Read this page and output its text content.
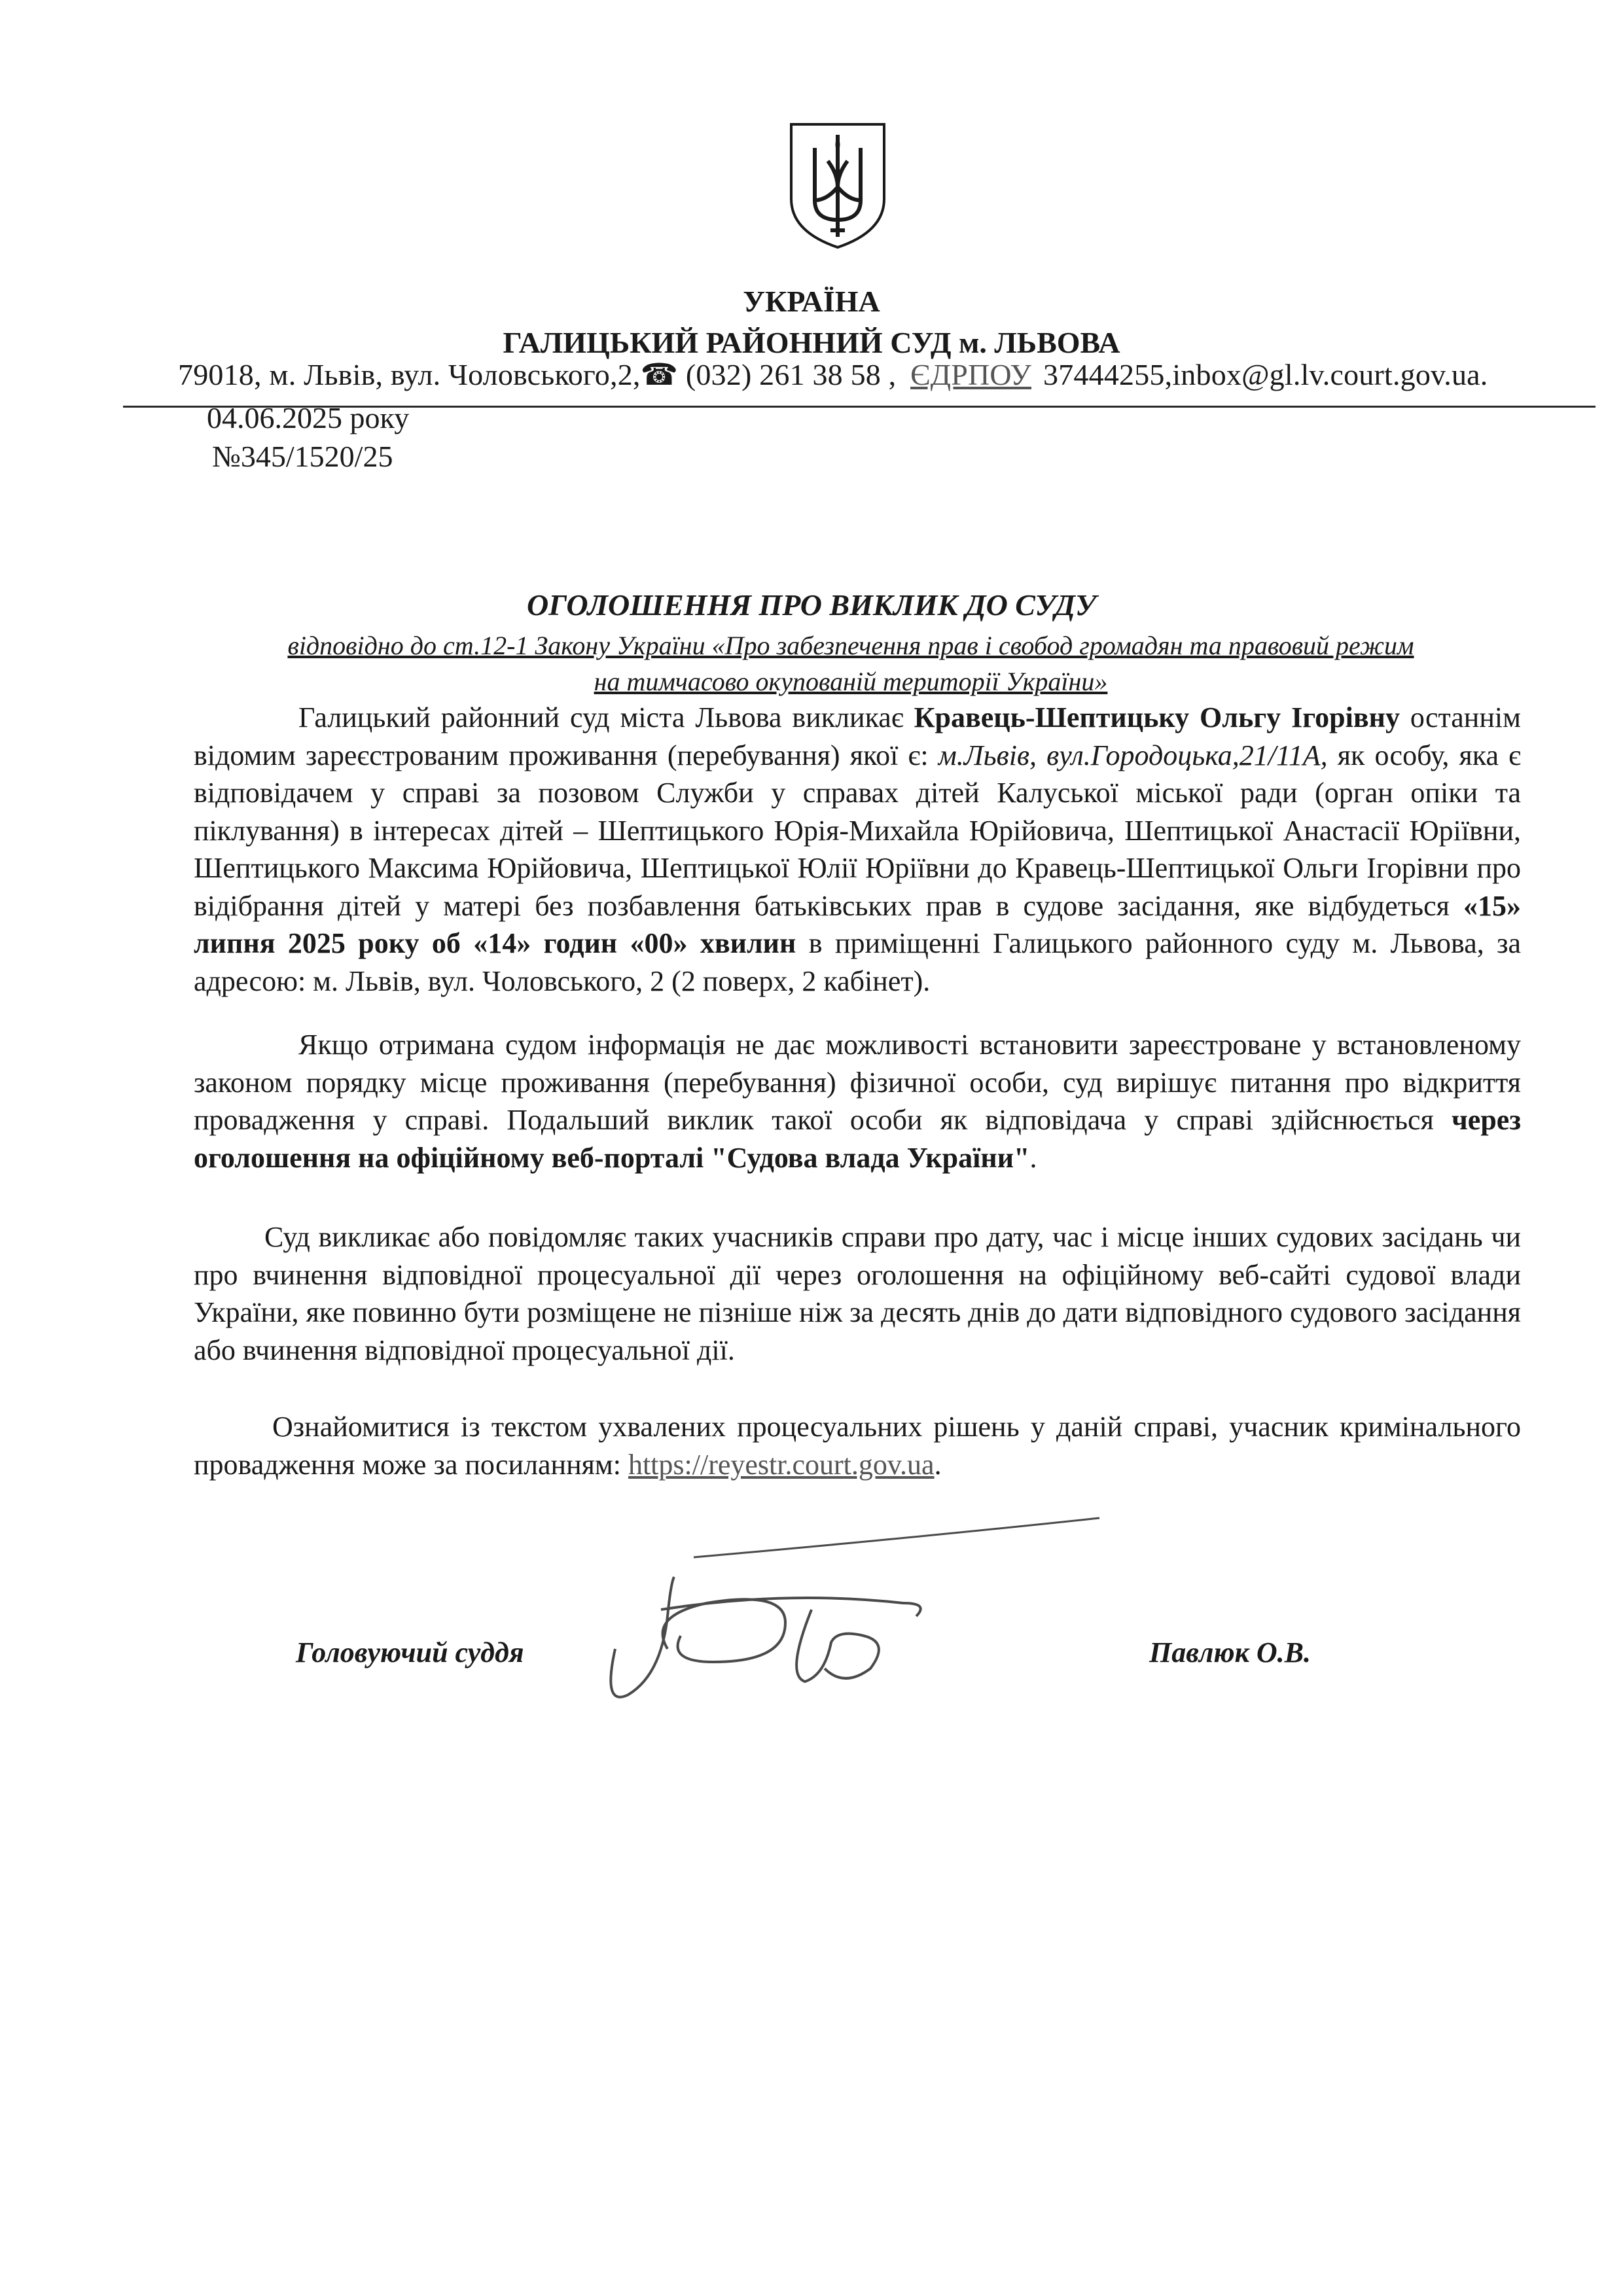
УКРАЇНА
ГАЛИЦЬКИЙ РАЙОННИЙ СУД м. ЛЬВОВА
79018, м. Львів, вул. Чоловського,2,☎ (032) 261 38 58 , ЄДРПОУ 37444255,inbox@gl.lv.court.gov.ua.
04.06.2025 року
№345/1520/25
ОГОЛОШЕННЯ ПРО ВИКЛИК ДО СУДУ
відповідно до ст.12-1 Закону України «Про забезпечення прав і свобод громадян та правовий режим
на тимчасово окупованій території України»
Галицький районний суд міста Львова викликає Кравець-Шептицьку Ольгу Ігорівну останнім відомим зареєстрованим проживання (перебування) якої є: м.Львів, вул.Городоцька,21/11А, як особу, яка є відповідачем у справі за позовом Служби у справах дітей Калуської міської ради (орган опіки та піклування) в інтересах дітей – Шептицького Юрія-Михайла Юрійовича, Шептицької Анастасії Юріївни, Шептицького Максима Юрійовича, Шептицької Юлії Юріївни до Кравець-Шептицької Ольги Ігорівни про відібрання дітей у матері без позбавлення батьківських прав в судове засідання, яке відбудеться «15» липня 2025 року об «14» годин «00» хвилин в приміщенні Галицького районного суду м. Львова, за адресою: м. Львів, вул. Чоловського, 2 (2 поверх, 2 кабінет).
Якщо отримана судом інформація не дає можливості встановити зареєстроване у встановленому законом порядку місце проживання (перебування) фізичної особи, суд вирішує питання про відкриття провадження у справі. Подальший виклик такої особи як відповідача у справі здійснюється через оголошення на офіційному веб-порталі "Судова влада України".
Суд викликає або повідомляє таких учасників справи про дату, час і місце інших судових засідань чи про вчинення відповідної процесуальної дії через оголошення на офіційному веб-сайті судової влади України, яке повинно бути розміщене не пізніше ніж за десять днів до дати відповідного судового засідання або вчинення відповідної процесуальної дії.
Ознайомитися із текстом ухвалених процесуальних рішень у даній справі, учасник кримінального провадження може за посиланням: https://reyestr.court.gov.ua.
Головуючий суддя	Павлюк О.В.
